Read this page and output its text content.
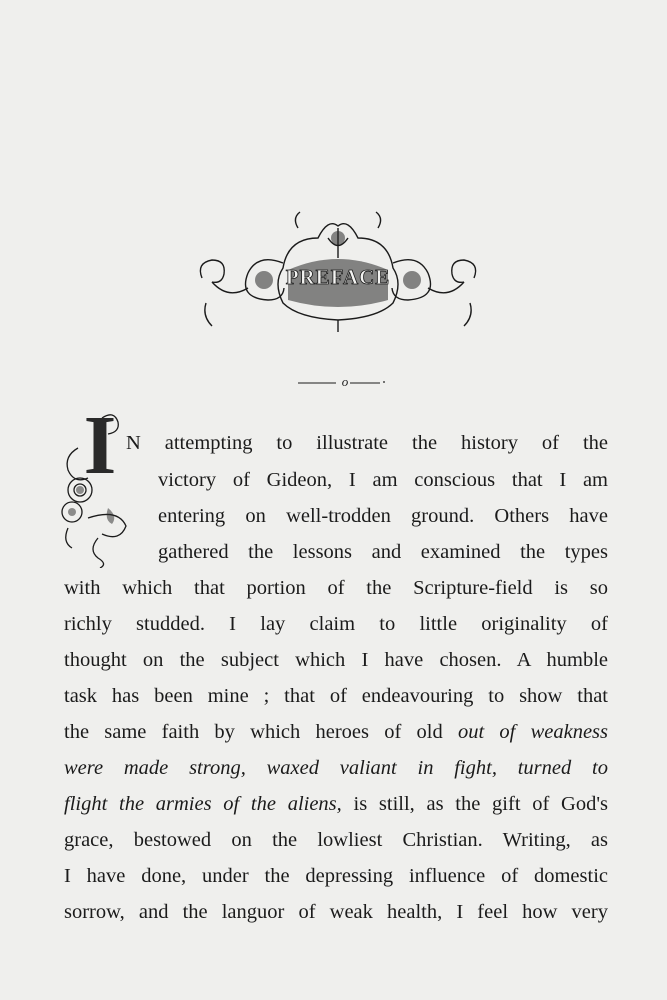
PREFACE
o
I N attempting to illustrate the history of the
victory of Gideon, I am conscious that I am
entering on well-trodden ground. Others have
gathered the lessons and examined the types
with which that portion of the Scripture-field is so
richly studded. I lay claim to little originality of
thought on the subject which I have chosen. A humble
task has been mine ; that of endeavouring to show that
the same faith by which heroes of old out of weakness
were made strong, waxed valiant in fight, turned to
flight the armies of the aliens, is still, as the gift of God's
grace, bestowed on the lowliest Christian. Writing, as
I have done, under the depressing influence of domestic
sorrow, and the languor of weak health, I feel how very
